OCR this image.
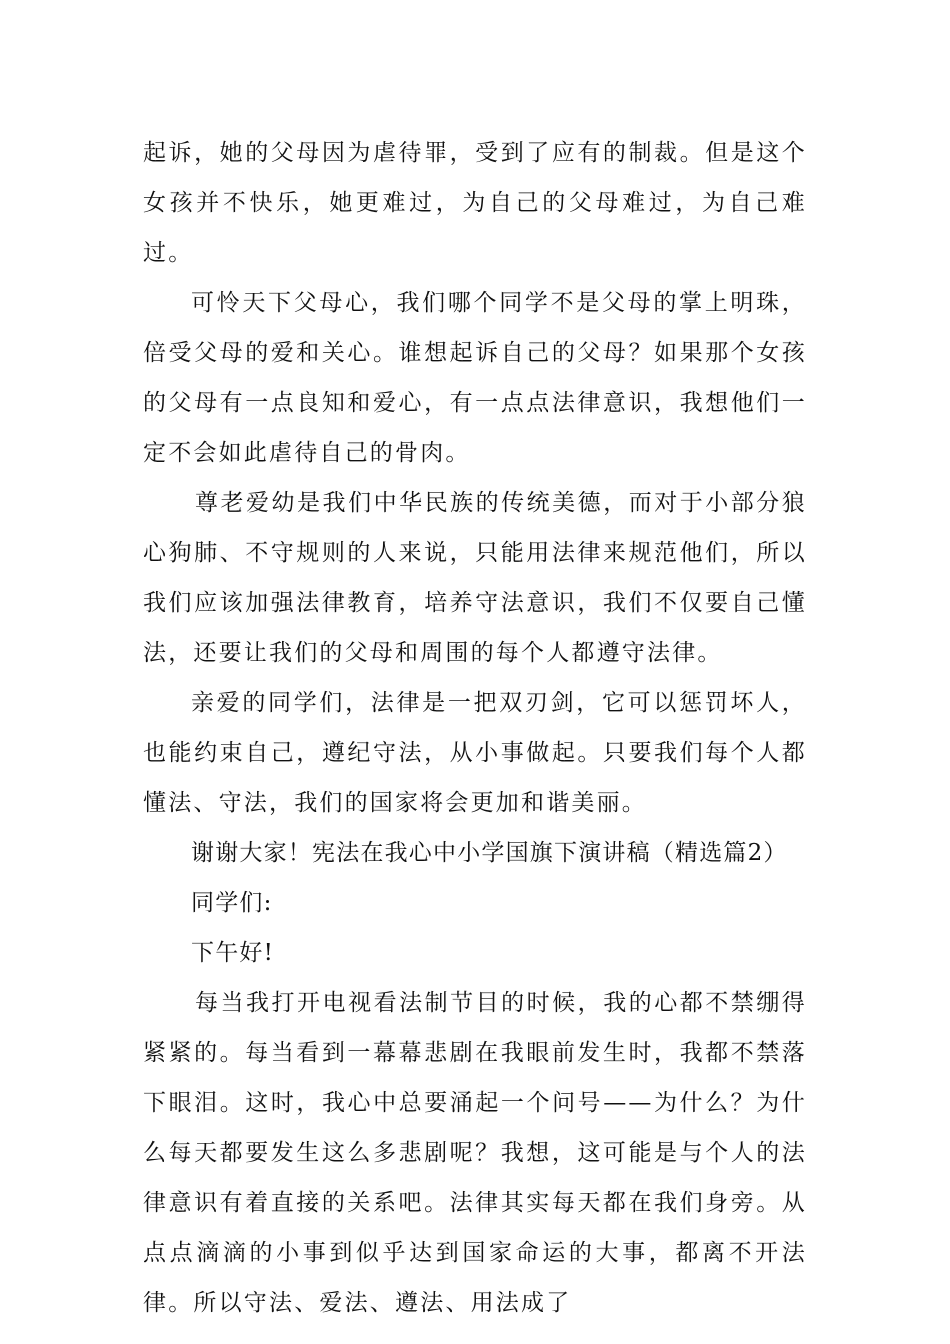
起诉，她的父母因为虐待罪，受到了应有的制裁。但是这个女孩并不快乐，她更难过，为自己的父母难过，为自己难过。

可怜天下父母心，我们哪个同学不是父母的掌上明珠，倍受父母的爱和关心。谁想起诉自己的父母？如果那个女孩的父母有一点良知和爱心，有一点点法律意识，我想他们一定不会如此虐待自己的骨肉。

尊老爱幼是我们中华民族的传统美德，而对于小部分狼心狗肺、不守规则的人来说，只能用法律来规范他们，所以我们应该加强法律教育，培养守法意识，我们不仅要自己懂法，还要让我们的父母和周围的每个人都遵守法律。

亲爱的同学们，法律是一把双刃剑，它可以惩罚坏人，也能约束自己，遵纪守法，从小事做起。只要我们每个人都懂法、守法，我们的国家将会更加和谐美丽。

谢谢大家！宪法在我心中小学国旗下演讲稿（精选篇2）

同学们:

下午好!

每当我打开电视看法制节目的时候，我的心都不禁绷得紧紧的。每当看到一幕幕悲剧在我眼前发生时，我都不禁落下眼泪。这时，我心中总要涌起一个问号——为什么？为什么每天都要发生这么多悲剧呢？我想，这可能是与个人的法律意识有着直接的关系吧。法律其实每天都在我们身旁。从点点滴滴的小事到似乎达到国家命运的大事，都离不开法律。所以守法、爱法、遵法、用法成了
